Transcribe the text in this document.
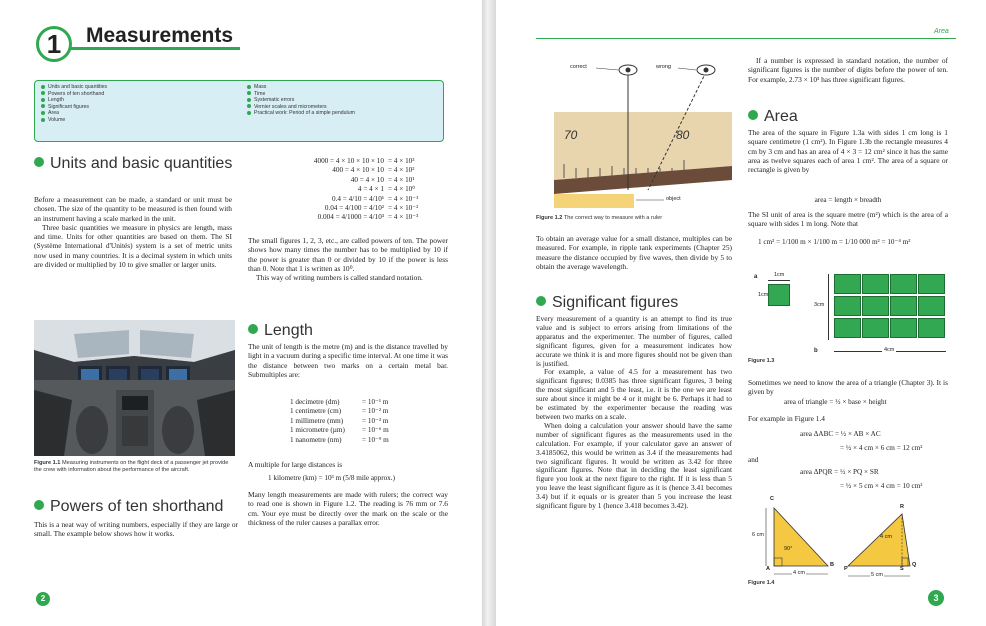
1	Measurements
Units and basic quantities
Powers of ten shorthand
Length
Significant figures
Area
Volume
Mass
Time
Systematic errors
Vernier scales and micrometers
Practical work: Period of a simple pendulum
Units and basic quantities

Before a measurement can be made, a standard or unit must be chosen. The size of the quantity to be measured is then found with an instrument having a scale marked in the unit.

Three basic quantities we measure in physics are length, mass and time. Units for other quantities are based on them. The SI (Système International d'Unités) system is a set of metric units now used in many countries. It is a decimal system in which units are divided or multiplied by 10 to give smaller or larger units.

4000 = 4 × 10 × 10 × 10 = 4 × 10³
400 = 4 × 10 × 10 = 4 × 10²
40 = 4 × 10 = 4 × 10¹
4 = 4 × 1 = 4 × 10⁰
0.4 = 4/10 = 4/10¹ = 4 × 10⁻¹
0.04 = 4/100 = 4/10² = 4 × 10⁻²
0.004 = 4/1000 = 4/10³ = 4 × 10⁻³

The small figures 1, 2, 3, etc., are called powers of ten. The power shows how many times the number has to be multiplied by 10 if the power is greater than 0 or divided by 10 if the power is less than 0. Note that 1 is written as 10⁰.

This way of writing numbers is called standard notation.

Figure 1.1 Measuring instruments on the flight deck of a passenger jet provide the crew with information about the performance of the aircraft.
Length

The unit of length is the metre (m) and is the distance travelled by light in a vacuum during a specific time interval. At one time it was the distance between two marks on a certain metal bar. Submultiples are:

1 decimetre (dm)	= 10⁻¹ m
1 centimetre (cm)	= 10⁻² m
1 millimetre (mm)	= 10⁻³ m
1 micrometre (µm)	= 10⁻⁶ m
1 nanometre (nm)	= 10⁻⁹ m

A multiple for large distances is

1 kilometre (km) = 10³ m (5/8 mile approx.)

Many length measurements are made with rulers; the correct way to read one is shown in Figure 1.2. The reading is 76 mm or 7.6 cm. Your eye must be directly over the mark on the scale or the thickness of the ruler causes a parallax error.

Powers of ten shorthand

This is a neat way of writing numbers, especially if they are large or small. The example below shows how it works.

2
Area
correct	wrong
70	80
object
Figure 1.2 The correct way to measure with a ruler

To obtain an average value for a small distance, multiples can be measured. For example, in ripple tank experiments (Chapter 25) measure the distance occupied by five waves, then divide by 5 to obtain the average wavelength.

Significant figures

Every measurement of a quantity is an attempt to find its true value and is subject to errors arising from limitations of the apparatus and the experimenter. The number of figures, called significant figures, given for a measurement indicates how accurate we think it is and more figures should not be given than is justified.

For example, a value of 4.5 for a measurement has two significant figures; 0.0385 has three significant figures, 3 being the most significant and 5 the least, i.e. it is the one we are least sure about since it might be 4 or it might be 6. Perhaps it had to be estimated by the experimenter because the reading was between two marks on a scale.

When doing a calculation your answer should have the same number of significant figures as the measurements used in the calculation. For example, if your calculator gave an answer of 3.4185062, this would be written as 3.4 if the measurements had two significant figures. It would be written as 3.42 for three significant figures. Note that in deciding the least significant figure you look at the next figure to the right. If it is less than 5 you leave the least significant figure as it is (hence 3.41 becomes 3.4) but if it equals or is greater than 5 you increase the least significant figure by 1 (hence 3.418 becomes 3.42).

If a number is expressed in standard notation, the number of significant figures is the number of digits before the power of ten. For example, 2.73 × 10³ has three significant figures.

Area

The area of the square in Figure 1.3a with sides 1 cm long is 1 square centimetre (1 cm²). In Figure 1.3b the rectangle measures 4 cm by 3 cm and has an area of 4 × 3 = 12 cm² since it has the same area as twelve squares each of area 1 cm². The area of a square or rectangle is given by

area = length × breadth

The SI unit of area is the square metre (m²) which is the area of a square with sides 1 m long. Note that

1 cm² = 1/100 m × 1/100 m = 1/10 000 m² = 10⁻⁴ m²
a	1cm
1cm
3cm
b	4cm
Figure 1.3

Sometimes we need to know the area of a triangle (Chapter 3). It is given by

area of triangle = ½ × base × height

For example in Figure 1.4

area ΔABC = ½ × AB × AC
= ½ × 4 cm × 6 cm = 12 cm²
and
area ΔPQR = ½ × PQ × SR
= ½ × 5 cm × 4 cm = 10 cm²
C
A
B
6 cm
90°
4 cm
R
P	S
Q
4 cm
5 cm
Figure 1.4
3
